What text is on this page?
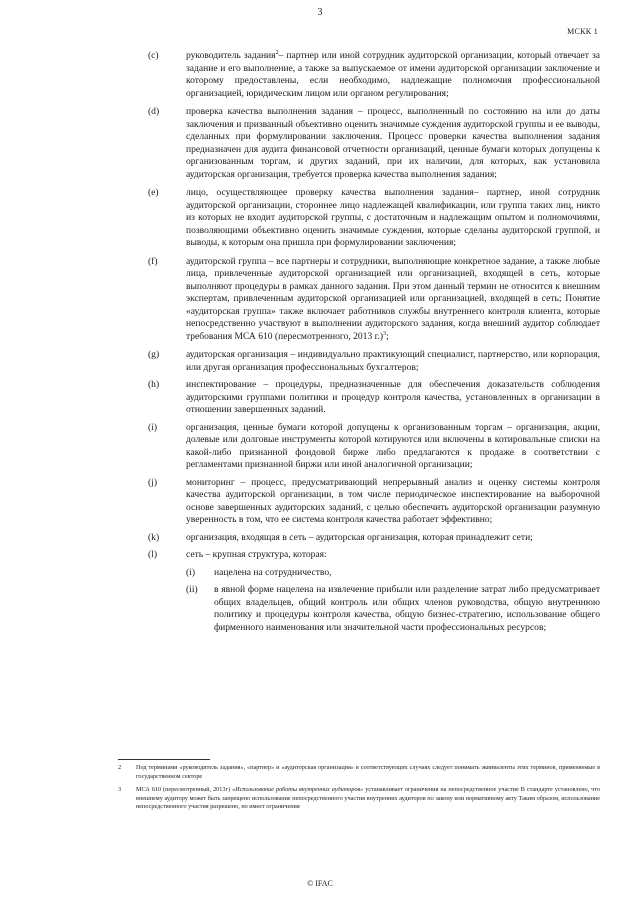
3
МСКК 1
(c)	руководитель задания$^2$– партнер или иной сотрудник аудиторской организации, который отвечает за задание и его выполнение, а также за выпускаемое от имени аудиторской организации заключение и которому предоставлены, если необходимо, надлежащие полномочия профессиональной организацией, юридическим лицом или органом регулирования;
(d)	проверка качества выполнения задания – процесс, выполненный по состоянию на или до даты заключения и призванный объективно оценить значимые суждения аудиторской группы и ее выводы, сделанных при формулировании заключения. Процесс проверки качества выполнения задания предназначен для аудита финансовой отчетности организаций, ценные бумаги которых допущены к организованным торгам, и других заданий, при их наличии, для которых, как установила аудиторская организация, требуется проверка качества выполнения задания;
(e)	лицо, осуществляющее проверку качества выполнения задания– партнер, иной сотрудник аудиторской организации, стороннее лицо надлежащей квалификации, или группа таких лиц, никто из которых не входит аудиторской группы, с достаточным и надлежащим опытом и полномочиями, позволяющими объективно оценить значимые суждения, которые сделаны аудиторской группой, и выводы, к которым она пришла при формулировании заключения;
(f)	аудиторской группа – все партнеры и сотрудники, выполняющие конкретное задание, а также любые лица, привлеченные аудиторской организацией или организацией, входящей в сеть, которые выполняют процедуры в рамках данного задания. При этом данный термин не относится к внешним экспертам, привлеченным аудиторской организацией или организацией, входящей в сеть; Понятие «аудиторская группа» также включает работников службы внутреннего контроля клиента, которые непосредственно участвуют в выполнении аудиторского задания, когда внешний аудитор соблюдает требования МСА 610 (пересмотренного, 2013 г.)$^3$;
(g)	аудиторская организация – индивидуально практикующий специалист, партнерство, или корпорация, или другая организация профессиональных бухгалтеров;
(h)	инспектирование – процедуры, предназначенные для обеспечения доказательств соблюдения аудиторскими группами политики и процедур контроля качества, установленных в организации в отношении завершенных заданий.
(i)	организация, ценные бумаги которой допущены к организованным торгам – организация, акции, долевые или долговые инструменты которой котируются или включены в котировальные списки на какой-либо признанной фондовой бирже либо предлагаются к продаже в соответствии с регламентами признанной биржи или иной аналогичной организации;
(j)	мониторинг – процесс, предусматривающий непрерывный анализ и оценку системы контроля качества аудиторской организации, в том числе периодическое инспектирование на выборочной основе завершенных аудиторских заданий, с целью обеспечить аудиторской организации разумную уверенность в том, что ее система контроля качества работает эффективно;
(k)	организация, входящая в сеть – аудиторская организация, которая принадлежит сети;
(l)	сеть – крупная структура, которая:
(i)	нацелена на сотрудничество,
(ii)	в явной форме нацелена на извлечение прибыли или разделение затрат либо предусматривает общих владельцев, общий контроль или общих членов руководства, общую внутреннюю политику и процедуры контроля качества, общую бизнес-стратегию, использование общего фирменного наименования или значительной части профессиональных ресурсов;
2	Под терминами «руководитель задания», «партнер» и «аудиторская организация» в соответствующих случаях следует понимать эквиваленты этих терминов, применяемые в государственном секторе
3	МСА 610 (пересмотренный, 2013г) «Использование работы внутренних аудиторов» устанавливает ограничения на непосредственное участие В стандарте установлено, что внешнему аудитору может быть запрещено использование непосредственного участия внутренних аудиторов по закону или нормативному акту Таким образом, использование непосредственного участия разрешено, но имеет ограничения
© IFAC
